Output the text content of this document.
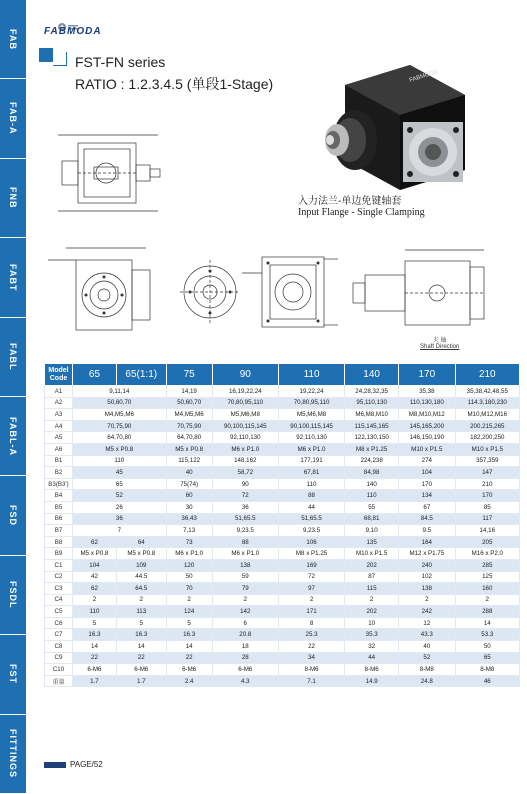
FAB
FAB-A
FNB
FABT
FABL
FABL-A
FSD
FSDL
FST
FITTINGS
FABMODA
FST-FN series
RATIO : 1.2.3.4.5 (单段1-Stage)	FABMODA
入力法兰-单边免键轴套
Input Flange - Single Clamping
夫 轴
Shaft Direction
Model Code	65	65(1:1)	75	90	110	140	170	210
A1	9,11,14		14,19	16,19,22,24	19,22,24	24,28,32,35	35,38	35,38,42,48,55
A2	50,60,70		50,60,70	70,80,95,110	70,80,95,110	95,110,130	110,130,180	114.3,180,230
A3	M4,M5,M6		M4,M5,M6	M5,M6,M8	M5,M6,M8	M6,M8,M10	M8,M10,M12	M10,M12,M16
A4	70,75,90		70,75,90	90,100,115,145	90,100,115,145	115,145,165	145,165,200	200,215,265
A5	64,70,80		64,70,80	92,110,130	92,110,130	122,130,150	146,150,190	182,200,250
A6	M5 x P0.8		M5 x P0.8	M6 x P1.0	M6 x P1.0	M8 x P1.25	M10 x P1.5	M10 x P1.5
B1	110		115,122	148,162	177,191	224,238	274	357,359
B2	45		40	58,72	67,81	84,98	104	147
B3(B3')	65		75(74)	90	110	140	170	210
B4	52		60	72	88	110	134	170
B5	26		30	36	44	55	67	85
B6	36		36,43	51,65.5	51,65.5	68,81	84.5	117
B7	7		7,13	9,23.5	9,23.5	9,10	9.5	14,16
B8	62	64	73	88	106	135	164	205
B9	M5 x P0.8	M5 x P0.8	M6 x P1.0	M6 x P1.0	M8 x P1.25	M10 x P1.5	M12 x P1.75	M16 x P2.0
C1	104	109	120	138	169	202	240	285
C2	42	44.5	50	59	72	87	102	125
C3	62	64.5	70	79	97	115	138	160
C4	2	2	2	2	2	2	2	2
C5	110	113	124	142	171	202	242	288
C6	5	5	5	6	8	10	12	14
C7	16.3	16.3	16.3	20.8	25.3	35.3	43.3	53.3
C8	14	14	14	18	22	32	40	50
C9	22	22	22	28	34	44	52	65
C10	6-M6	6-M6	6-M6	6-M6	8-M6	8-M6	8-M8	8-M8
重量	1.7	1.7	2.4	4.3	7.1	14.9	24.8	46
PAGE/52
